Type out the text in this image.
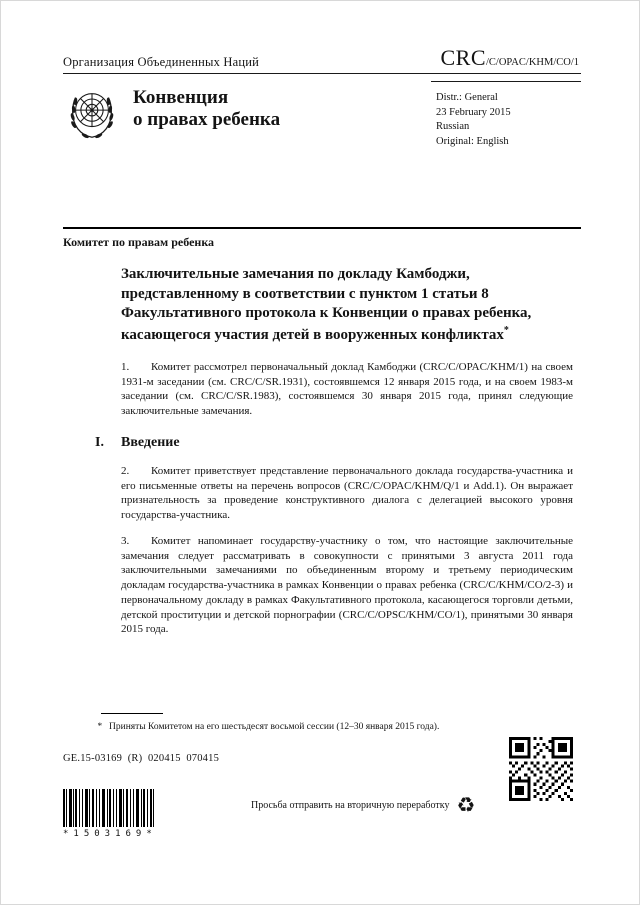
Организация Объединенных Наций	CRC /C/OPAC/KHM/CO/1
Конвенция
о правах ребенка
Distr.: General
23 February 2015
Russian
Original: English
Комитет по правам ребенка
Заключительные замечания по докладу Камбоджи, представленному в соответствии с пунктом 1 статьи 8 Факультативного протокола к Конвенции о правах ребенка, касающегося участия детей в вооруженных конфликтах*

1. Комитет рассмотрел первоначальный доклад Камбоджи (CRC/C/OPAC/KHM/1) на своем 1931-м заседании (см. CRC/C/SR.1931), состоявшемся 12 января 2015 года, и на своем 1983-м заседании (см. CRC/C/SR.1983), состоявшемся 30 января 2015 года, принял следующие заключительные замечания.

I. Введение

2. Комитет приветствует представление первоначального доклада государства-участника и его письменные ответы на перечень вопросов (CRC/C/OPAC/KHM/Q/1 и Add.1). Он выражает признательность за проведение конструктивного диалога с делегацией высокого уровня государства-участника.

3. Комитет напоминает государству-участнику о том, что настоящие заключительные замечания следует рассматривать в совокупности с принятыми 3 августа 2011 года заключительными замечаниями по объединенным второму и третьему периодическим докладам государства-участника в рамках Конвенции о правах ребенка (CRC/C/KHM/CO/2-3) и первоначальному докладу в рамках Факультативного протокола, касающегося торговли детьми, детской проституции и детской порнографии (CRC/C/OPSC/KHM/CO/1), принятыми 30 января 2015 года.

* Приняты Комитетом на его шестьдесят восьмой сессии (12–30 января 2015 года).
GE.15-03169  (R)  020415  070415
Просьба отправить на вторичную переработку ♻
*1503169*
